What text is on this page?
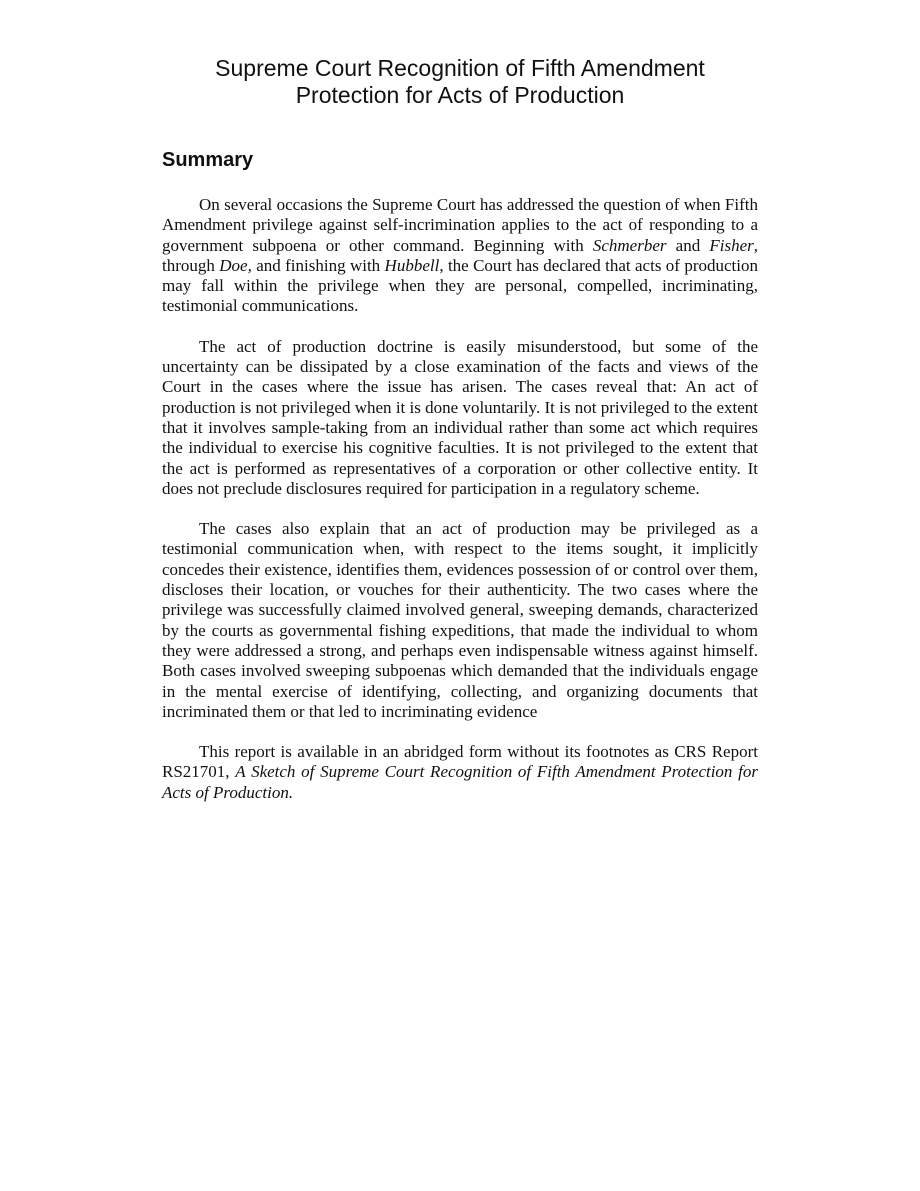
Supreme Court Recognition of Fifth Amendment
Protection for Acts of Production
Summary

On several occasions the Supreme Court has addressed the question of when Fifth Amendment privilege against self-incrimination applies to the act of responding to a government subpoena or other command. Beginning with Schmerber and Fisher, through Doe, and finishing with Hubbell, the Court has declared that acts of production may fall within the privilege when they are personal, compelled, incriminating, testimonial communications.

The act of production doctrine is easily misunderstood, but some of the uncertainty can be dissipated by a close examination of the facts and views of the Court in the cases where the issue has arisen. The cases reveal that: An act of production is not privileged when it is done voluntarily. It is not privileged to the extent that it involves sample-taking from an individual rather than some act which requires the individual to exercise his cognitive faculties. It is not privileged to the extent that the act is performed as representatives of a corporation or other collective entity. It does not preclude disclosures required for participation in a regulatory scheme.

The cases also explain that an act of production may be privileged as a testimonial communication when, with respect to the items sought, it implicitly concedes their existence, identifies them, evidences possession of or control over them, discloses their location, or vouches for their authenticity. The two cases where the privilege was successfully claimed involved general, sweeping demands, characterized by the courts as governmental fishing expeditions, that made the individual to whom they were addressed a strong, and perhaps even indispensable witness against himself. Both cases involved sweeping subpoenas which demanded that the individuals engage in the mental exercise of identifying, collecting, and organizing documents that incriminated them or that led to incriminating evidence

This report is available in an abridged form without its footnotes as CRS Report RS21701, A Sketch of Supreme Court Recognition of Fifth Amendment Protection for Acts of Production.
